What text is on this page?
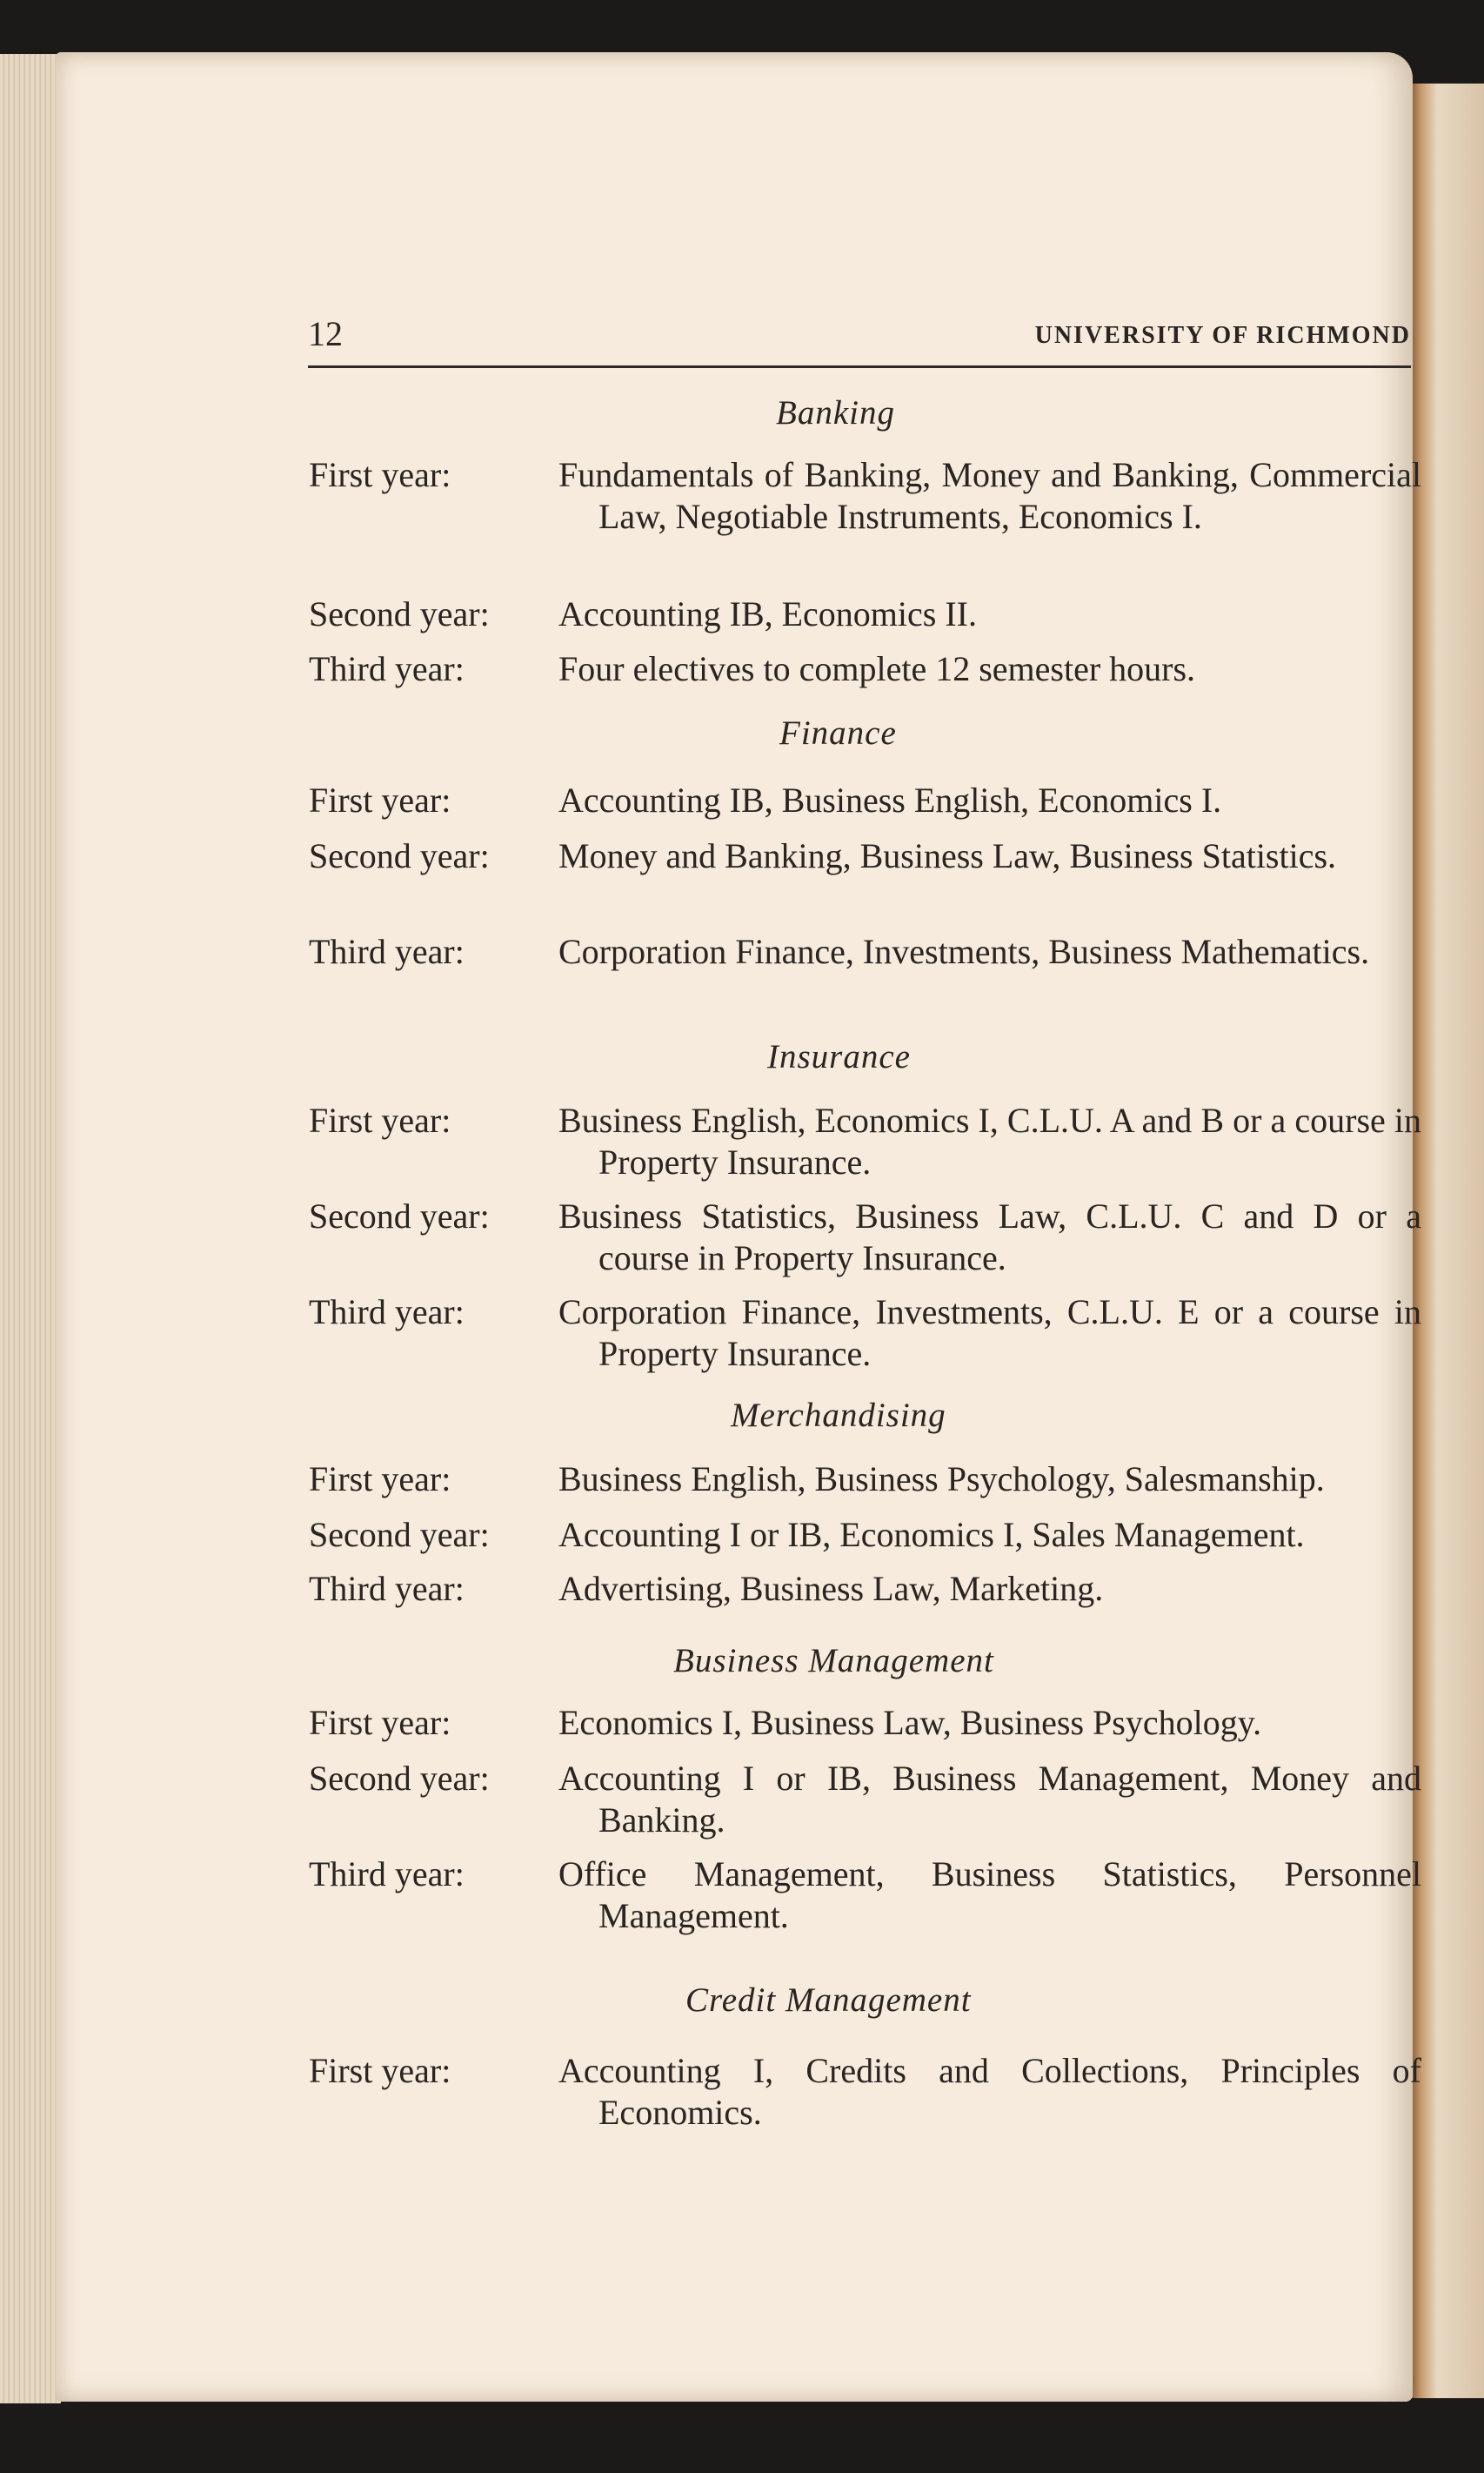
12	UNIVERSITY OF RICHMOND
Banking
First year:	Fundamentals of Banking, Money and Banking, Commercial Law, Negotiable Instruments, Economics I.
Second year: Accounting IB, Economics II.
Third year:	Four electives to complete 12 semester hours.
Finance
First year:	Accounting IB, Business English, Economics I.
Second year: Money and Banking, Business Law, Business Statistics.
Third year:	Corporation Finance, Investments, Business Mathematics.
Insurance
First year:	Business English, Economics I, C.L.U. A and B or a course in Property Insurance.
Second year: Business Statistics, Business Law, C.L.U. C and D or a course in Property Insurance.
Third year:	Corporation Finance, Investments, C.L.U. E or a course in Property Insurance.
Merchandising
First year:	Business English, Business Psychology, Salesmanship.
Second year: Accounting I or IB, Economics I, Sales Management.
Third year:	Advertising, Business Law, Marketing.
Business Management
First year:	Economics I, Business Law, Business Psychology.
Second year: Accounting I or IB, Business Management, Money and Banking.
Third year:	Office Management, Business Statistics, Personnel Management.
Credit Management
First year:	Accounting I, Credits and Collections, Principles of Economics.
